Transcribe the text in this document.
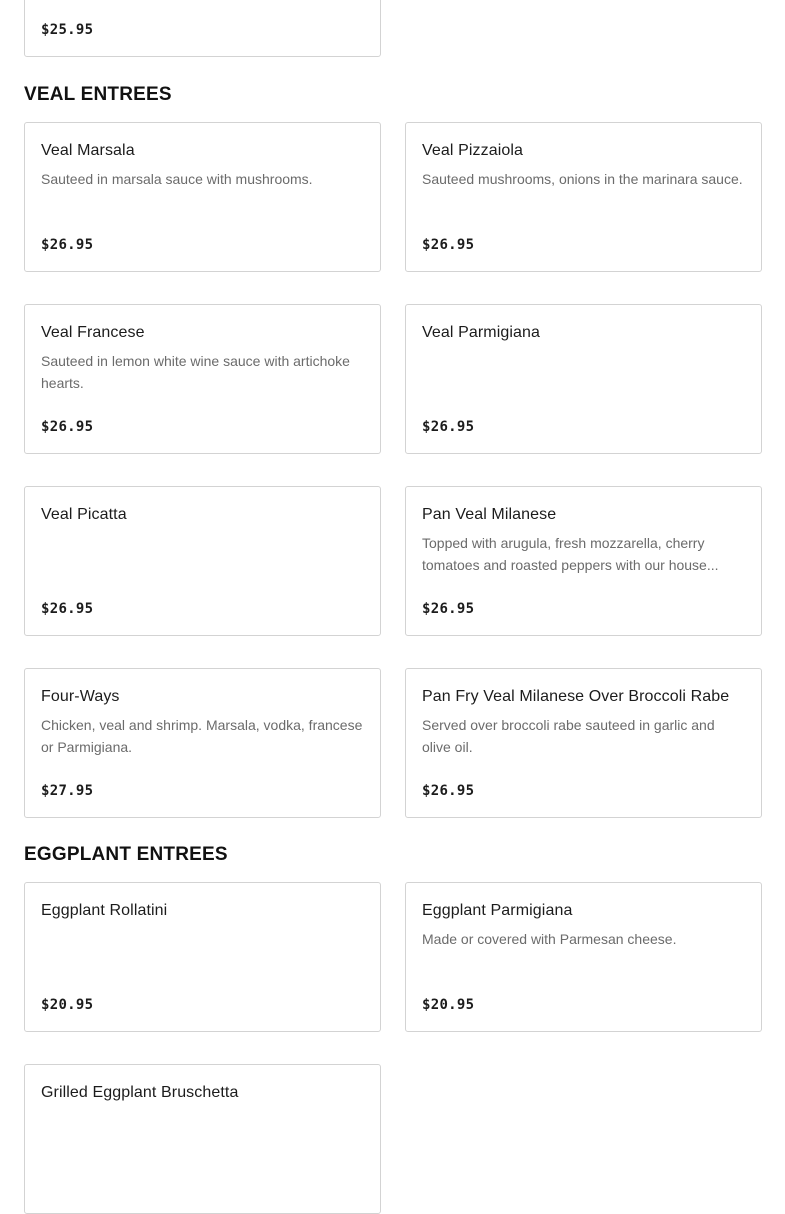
$25.95
VEAL ENTREES
Veal Marsala
Sauteed in marsala sauce with mushrooms.
$26.95
Veal Pizzaiola
Sauteed mushrooms, onions in the marinara sauce.
$26.95
Veal Francese
Sauteed in lemon white wine sauce with artichoke hearts.
$26.95
Veal Parmigiana
$26.95
Veal Picatta
$26.95
Pan Veal Milanese
Topped with arugula, fresh mozzarella, cherry tomatoes and roasted peppers with our house...
$26.95
Four-Ways
Chicken, veal and shrimp. Marsala, vodka, francese or Parmigiana.
$27.95
Pan Fry Veal Milanese Over Broccoli Rabe
Served over broccoli rabe sauteed in garlic and olive oil.
$26.95
EGGPLANT ENTREES
Eggplant Rollatini
$20.95
Eggplant Parmigiana
Made or covered with Parmesan cheese.
$20.95
Grilled Eggplant Bruschetta
